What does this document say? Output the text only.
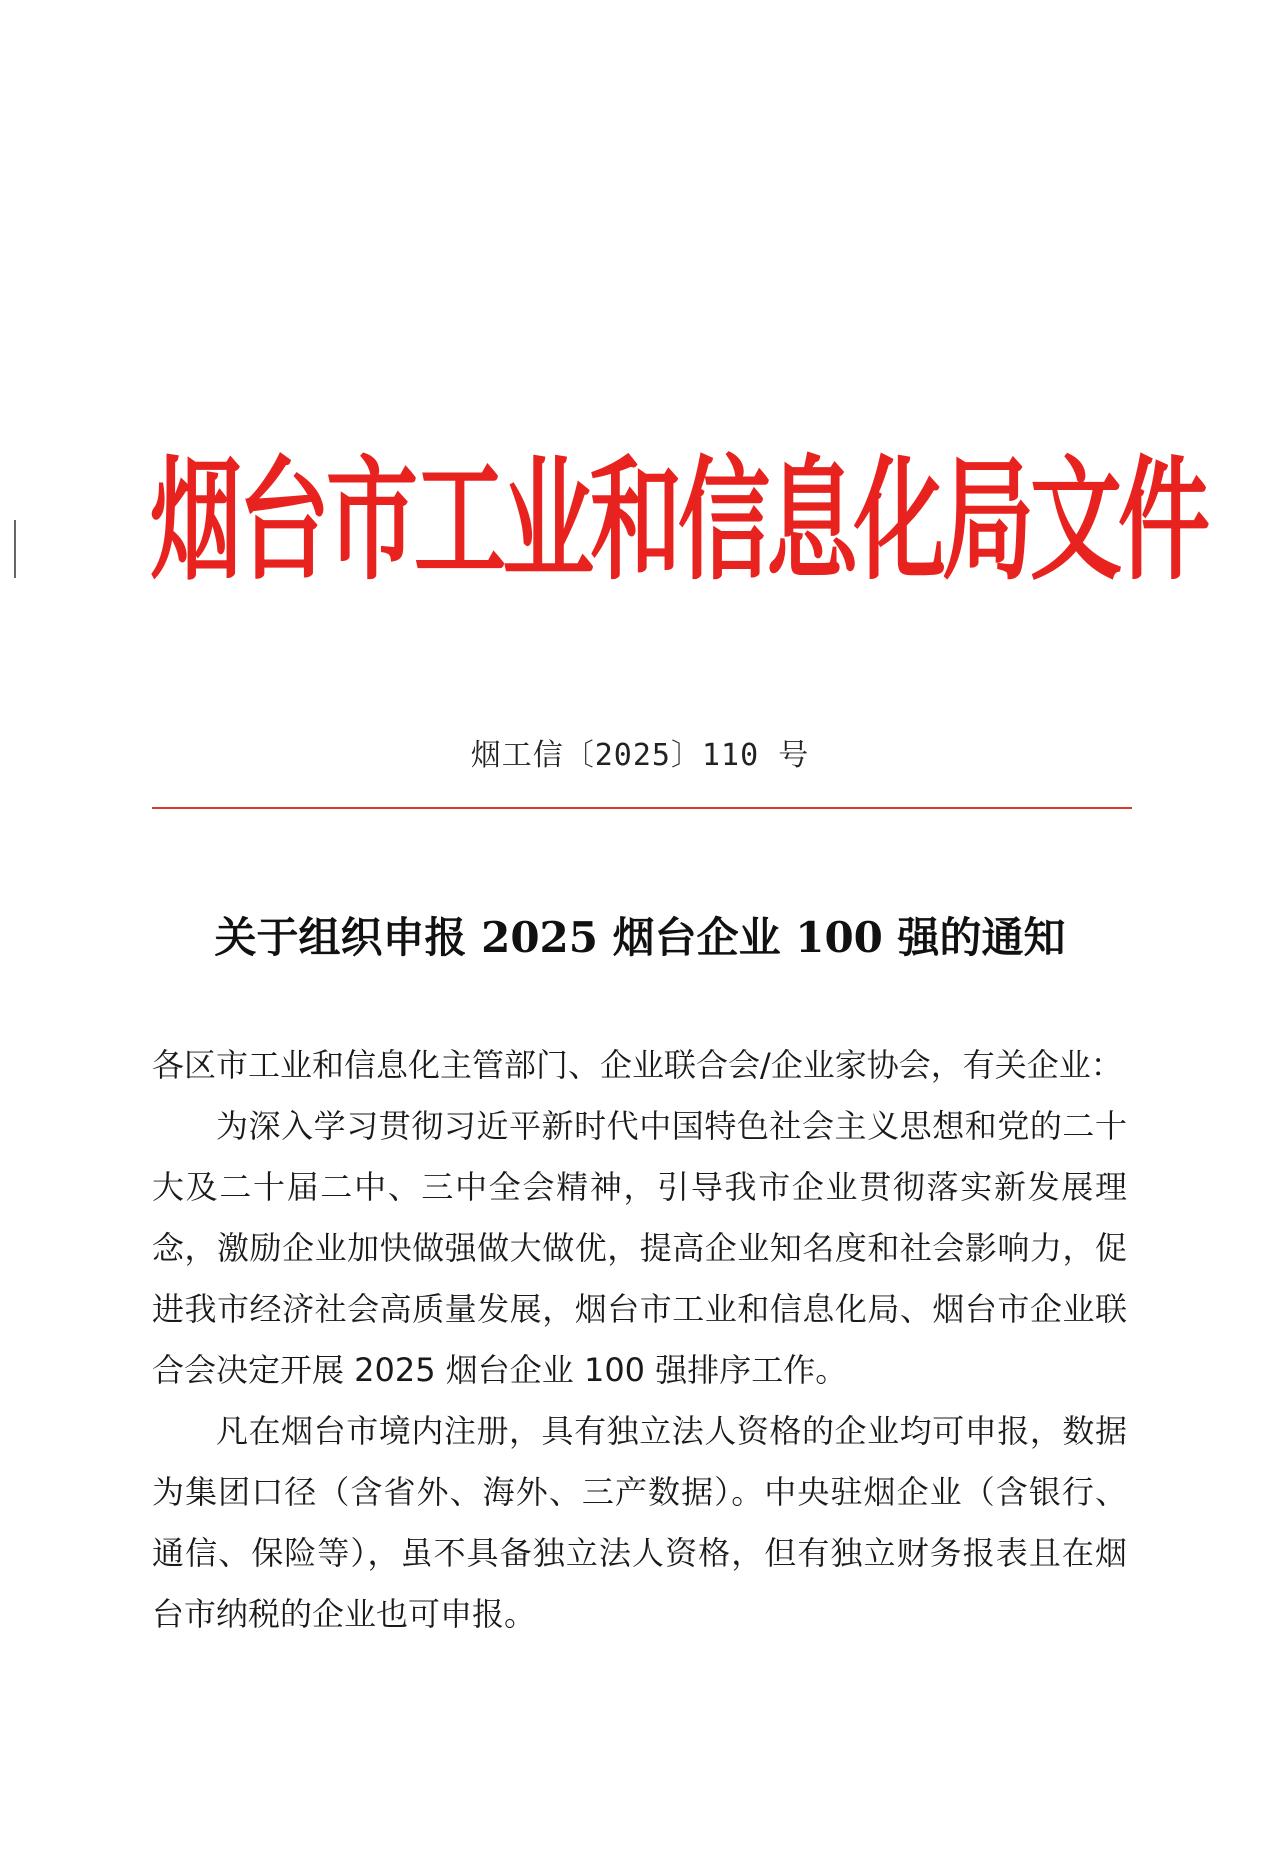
烟台市工业和信息化局文件
烟工信〔2025〕110 号
关于组织申报 2025 烟台企业 100 强的通知

各区市工业和信息化主管部门、企业联合会/企业家协会，有关企业：

为深入学习贯彻习近平新时代中国特色社会主义思想和党的二十大及二十届二中、三中全会精神，引导我市企业贯彻落实新发展理念，激励企业加快做强做大做优，提高企业知名度和社会影响力，促进我市经济社会高质量发展，烟台市工业和信息化局、烟台市企业联合会决定开展 2025 烟台企业 100 强排序工作。

凡在烟台市境内注册，具有独立法人资格的企业均可申报，数据为集团口径（含省外、海外、三产数据）。中央驻烟企业（含银行、通信、保险等），虽不具备独立法人资格，但有独立财务报表且在烟台市纳税的企业也可申报。
